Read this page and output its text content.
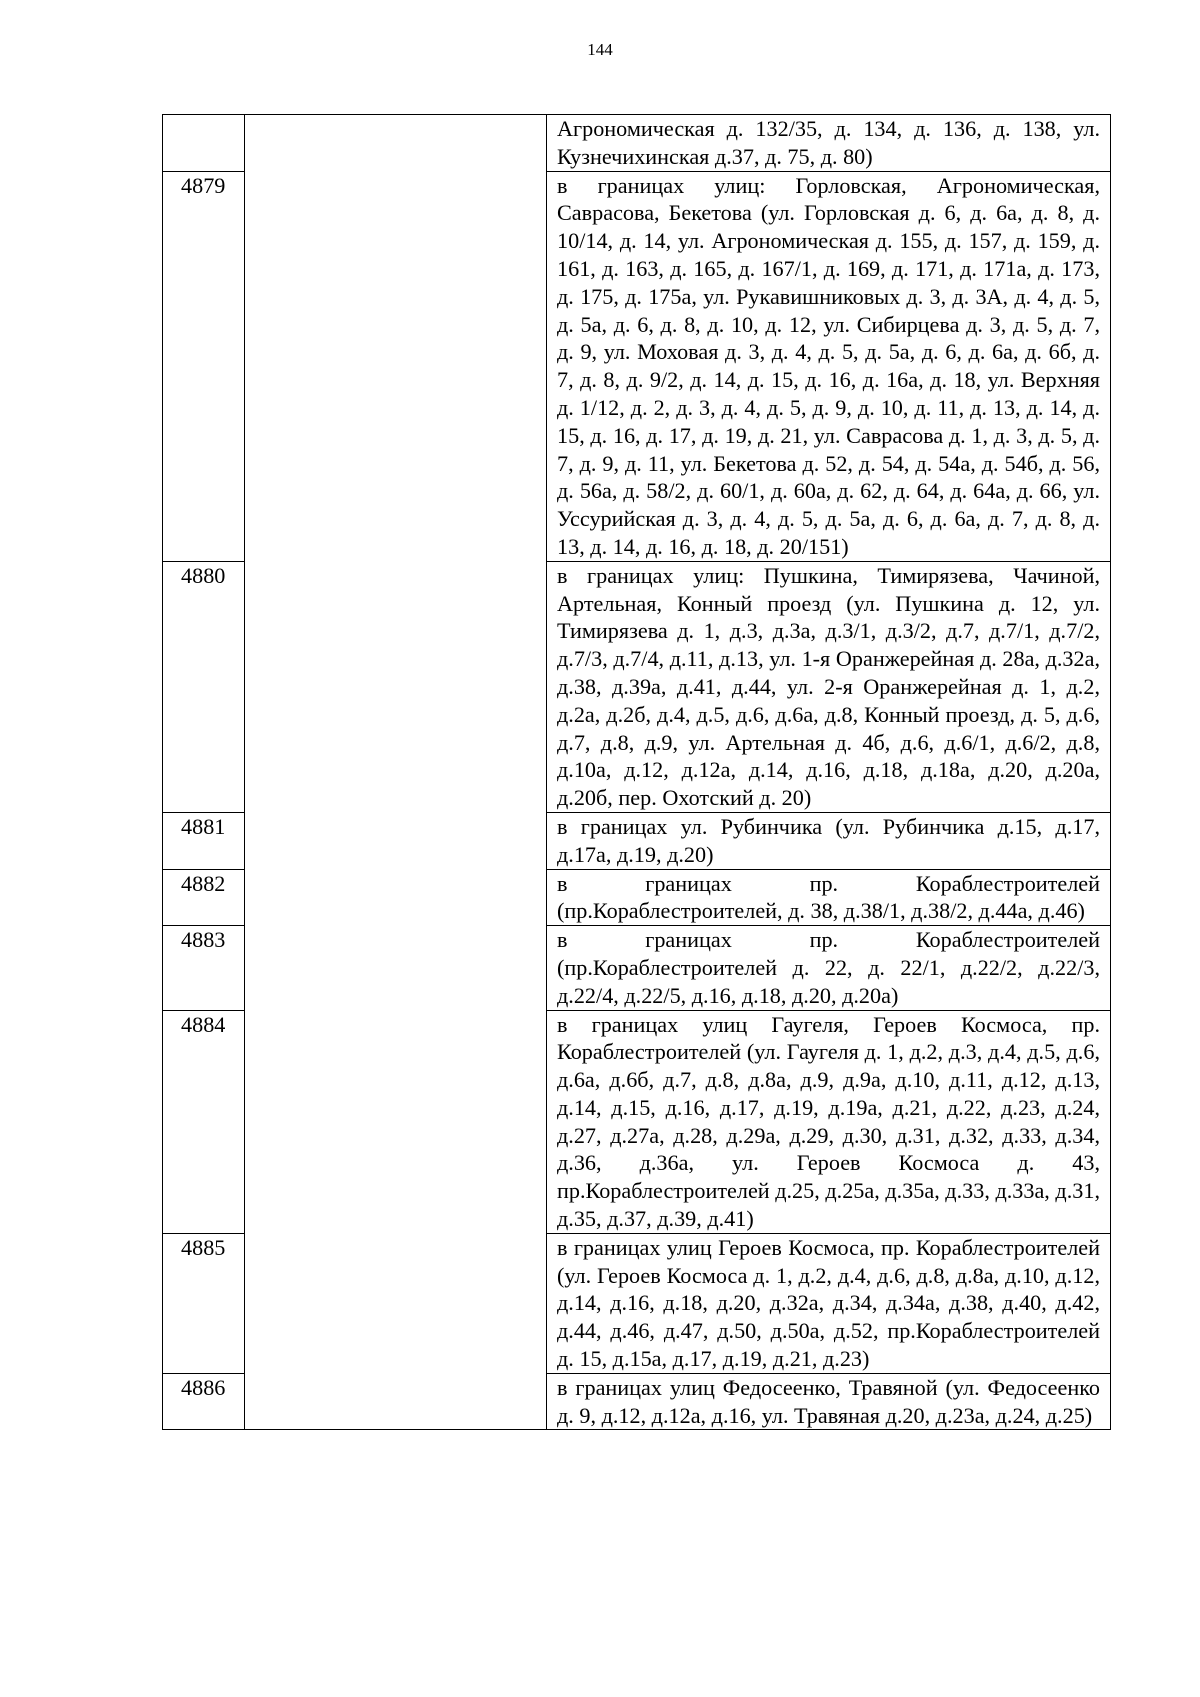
144
		Агрономическая д. 132/35, д. 134, д. 136, д. 138, ул. Кузнечихинская д.37, д. 75, д. 80)
4879		в границах улиц: Горловская, Агрономическая, Саврасова, Бекетова (ул. Горловская д. 6, д. 6а, д. 8, д. 10/14, д. 14, ул. Агрономическая д. 155, д. 157, д. 159, д. 161, д. 163, д. 165, д. 167/1, д. 169, д. 171, д. 171а, д. 173, д. 175, д. 175а, ул. Рукавишниковых д. 3, д. 3А, д. 4, д. 5, д. 5а, д. 6, д. 8, д. 10, д. 12, ул. Сибирцева д. 3, д. 5, д. 7, д. 9, ул. Моховая д. 3, д. 4, д. 5, д. 5а, д. 6, д. 6а, д. 6б, д. 7, д. 8, д. 9/2, д. 14, д. 15, д. 16, д. 16а, д. 18, ул. Верхняя д. 1/12, д. 2, д. 3, д. 4, д. 5, д. 9, д. 10, д. 11, д. 13, д. 14, д. 15, д. 16, д. 17, д. 19, д. 21, ул. Саврасова д. 1, д. 3, д. 5, д. 7, д. 9, д. 11, ул. Бекетова д. 52, д. 54, д. 54а, д. 54б, д. 56, д. 56а, д. 58/2, д. 60/1, д. 60а, д. 62, д. 64, д. 64а, д. 66, ул. Уссурийская д. 3, д. 4, д. 5, д. 5а, д. 6, д. 6а, д. 7, д. 8, д. 13, д. 14, д. 16, д. 18, д. 20/151)
4880		в границах улиц: Пушкина, Тимирязева, Чачиной, Артельная, Конный проезд (ул. Пушкина д. 12, ул. Тимирязева д. 1, д.3, д.3а, д.3/1, д.3/2, д.7, д.7/1, д.7/2, д.7/3, д.7/4, д.11, д.13, ул. 1-я Оранжерейная д. 28а, д.32а, д.38, д.39а, д.41, д.44, ул. 2-я Оранжерейная д. 1, д.2, д.2а, д.2б, д.4, д.5, д.6, д.6а, д.8, Конный проезд, д. 5, д.6, д.7, д.8, д.9, ул. Артельная д. 4б, д.6, д.6/1, д.6/2, д.8, д.10а, д.12, д.12а, д.14, д.16, д.18, д.18а, д.20, д.20а, д.20б, пер. Охотский д. 20)
4881		в границах ул. Рубинчика (ул. Рубинчика д.15, д.17, д.17а, д.19, д.20)
4882		в границах пр. Кораблестроителей (пр.Кораблестроителей, д. 38, д.38/1, д.38/2, д.44а, д.46)
4883		в границах пр. Кораблестроителей (пр.Кораблестроителей д. 22, д. 22/1, д.22/2, д.22/3, д.22/4, д.22/5, д.16, д.18, д.20, д.20а)
4884		в границах улиц Гаугеля, Героев Космоса, пр. Кораблестроителей (ул. Гаугеля д. 1, д.2, д.3, д.4, д.5, д.6, д.6а, д.6б, д.7, д.8, д.8а, д.9, д.9а, д.10, д.11, д.12, д.13, д.14, д.15, д.16, д.17, д.19, д.19а, д.21, д.22, д.23, д.24, д.27, д.27а, д.28, д.29а, д.29, д.30, д.31, д.32, д.33, д.34, д.36, д.36а, ул. Героев Космоса д. 43, пр.Кораблестроителей д.25, д.25а, д.35а, д.33, д.33а, д.31, д.35, д.37, д.39, д.41)
4885		в границах улиц Героев Космоса, пр. Кораблестроителей (ул. Героев Космоса д. 1, д.2, д.4, д.6, д.8, д.8а, д.10, д.12, д.14, д.16, д.18, д.20, д.32а, д.34, д.34а, д.38, д.40, д.42, д.44, д.46, д.47, д.50, д.50а, д.52, пр.Кораблестроителей д. 15, д.15а, д.17, д.19, д.21, д.23)
4886		в границах улиц Федосеенко, Травяной (ул. Федосеенко д. 9, д.12, д.12а, д.16, ул. Травяная д.20, д.23а, д.24, д.25)
